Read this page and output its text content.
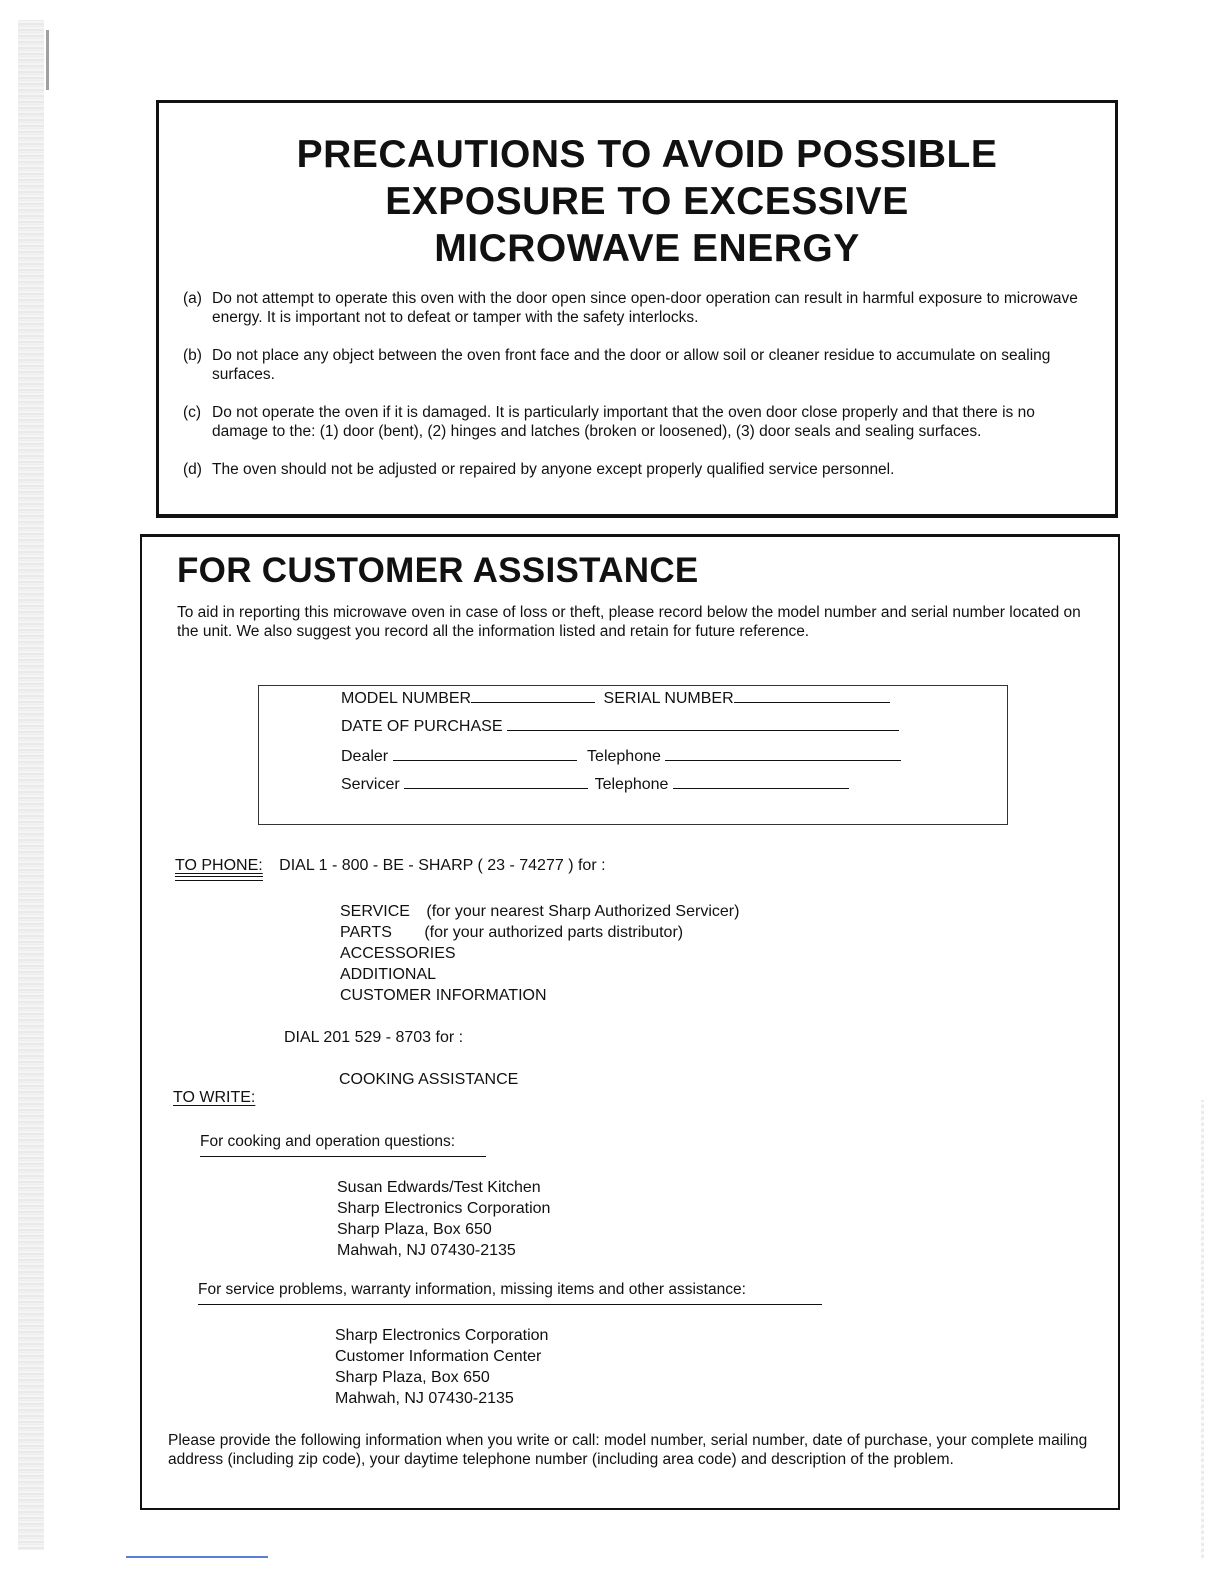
PRECAUTIONS TO AVOID POSSIBLE
EXPOSURE TO EXCESSIVE
MICROWAVE ENERGY
(a) Do not attempt to operate this oven with the door open since open-door operation can result in harmful exposure to microwave energy. It is important not to defeat or tamper with the safety interlocks.
(b) Do not place any object between the oven front face and the door or allow soil or cleaner residue to accumulate on sealing surfaces.
(c) Do not operate the oven if it is damaged. It is particularly important that the oven door close properly and that there is no damage to the: (1) door (bent), (2) hinges and latches (broken or loosened), (3) door seals and sealing surfaces.
(d) The oven should not be adjusted or repaired by anyone except properly qualified service personnel.
FOR CUSTOMER ASSISTANCE
To aid in reporting this microwave oven in case of loss or theft, please record below the model number and serial number located on the unit. We also suggest you record all the information listed and retain for future reference.
MODEL NUMBER	SERIAL NUMBER
DATE OF PURCHASE
Dealer	Telephone
Servicer	Telephone
TO PHONE: DIAL 1 - 800 - BE - SHARP ( 23 - 74277 ) for :
SERVICE (for your nearest Sharp Authorized Servicer)
PARTS (for your authorized parts distributor)
ACCESSORIES
ADDITIONAL
CUSTOMER INFORMATION
DIAL 201 529 - 8703 for :
COOKING ASSISTANCE
TO WRITE:
For cooking and operation questions:
Susan Edwards/Test Kitchen
Sharp Electronics Corporation
Sharp Plaza, Box 650
Mahwah, NJ 07430-2135
For service problems, warranty information, missing items and other assistance:
Sharp Electronics Corporation
Customer Information Center
Sharp Plaza, Box 650
Mahwah, NJ 07430-2135
Please provide the following information when you write or call: model number, serial number, date of purchase, your complete mailing address (including zip code), your daytime telephone number (including area code) and description of the problem.
